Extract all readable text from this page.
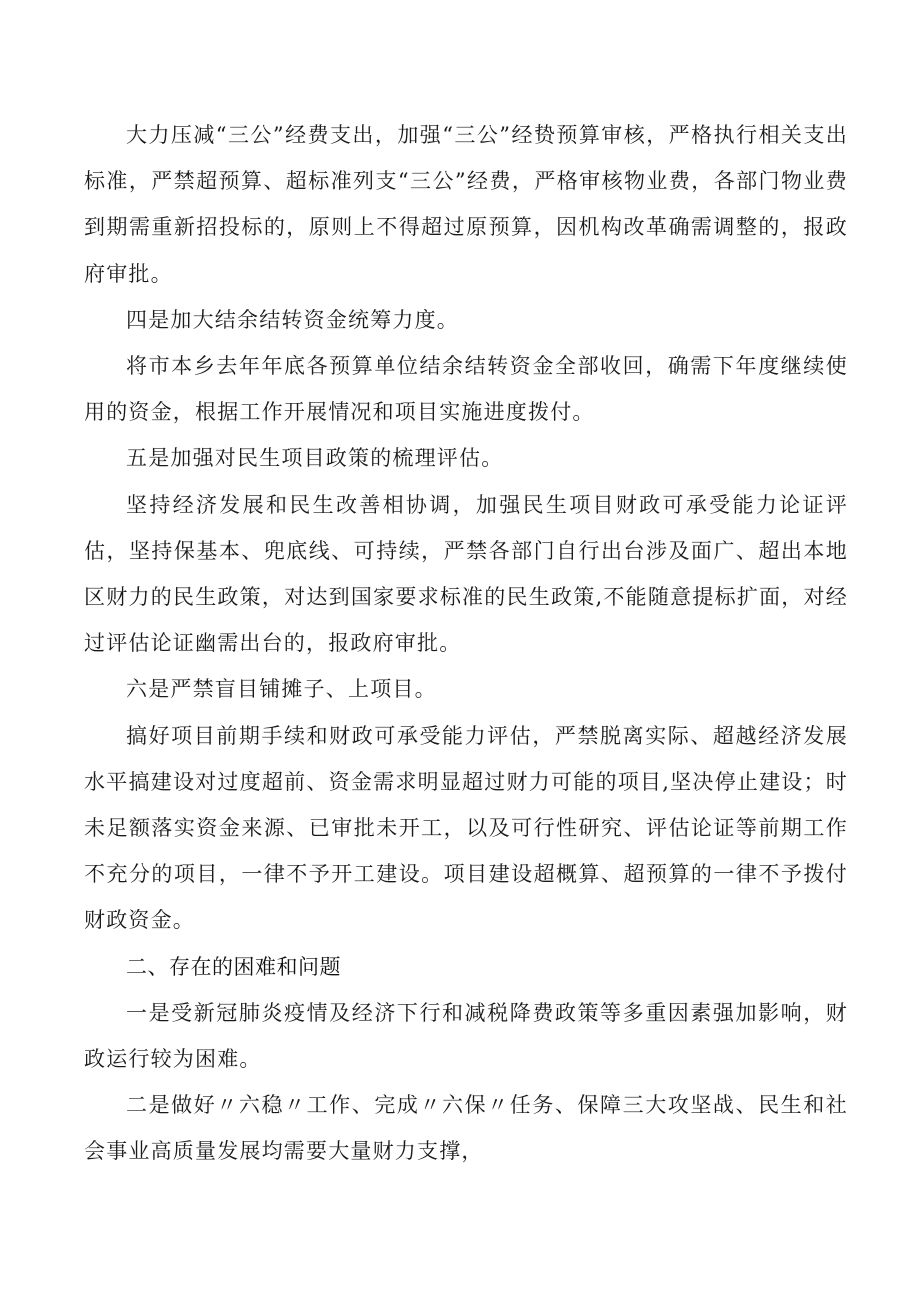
大力压减“三公”经费支出，加强“三公”经贽预算审核，严格执行相关支出标准，严禁超预算、超标准列支“三公”经费，严格审核物业费，各部门物业费到期需重新招投标的，原则上不得超过原预算，因机构改革确需调整的，报政府审批。

四是加大结余结转资金统筹力度。

将市本乡去年年底各预算单位结余结转资金全部收回，确需下年度继续使用的资金，根据工作开展情况和项目实施进度拨付。

五是加强对民生项目政策的梳理评估。

坚持经济发展和民生改善相协调，加强民生项目财政可承受能力论证评估，坚持保基本、兜底线、可持续，严禁各部门自行出台涉及面广、超出本地区财力的民生政策，对达到国家要求标准的民生政策,不能随意提标扩面，对经过评估论证幽需出台的，报政府审批。

六是严禁盲目铺摊子、上项目。

搞好项目前期手续和财政可承受能力评估，严禁脱离实际、超越经济发展水平搞建设对过度超前、资金需求明显超过财力可能的项目,坚决停止建设；时未足额落实资金来源、已审批未开工，以及可行性研究、评估论证等前期工作不充分的项目，一律不予开工建设。项目建设超概算、超预算的一律不予拨付财政资金。

二、存在的困难和问题

一是受新冠肺炎疫情及经济下行和减税降费政策等多重因素强加影响，财政运行较为困难。

二是做好〃六稳〃工作、完成〃六保〃任务、保障三大攻坚战、民生和社会事业高质量发展均需要大量财力支撑，
